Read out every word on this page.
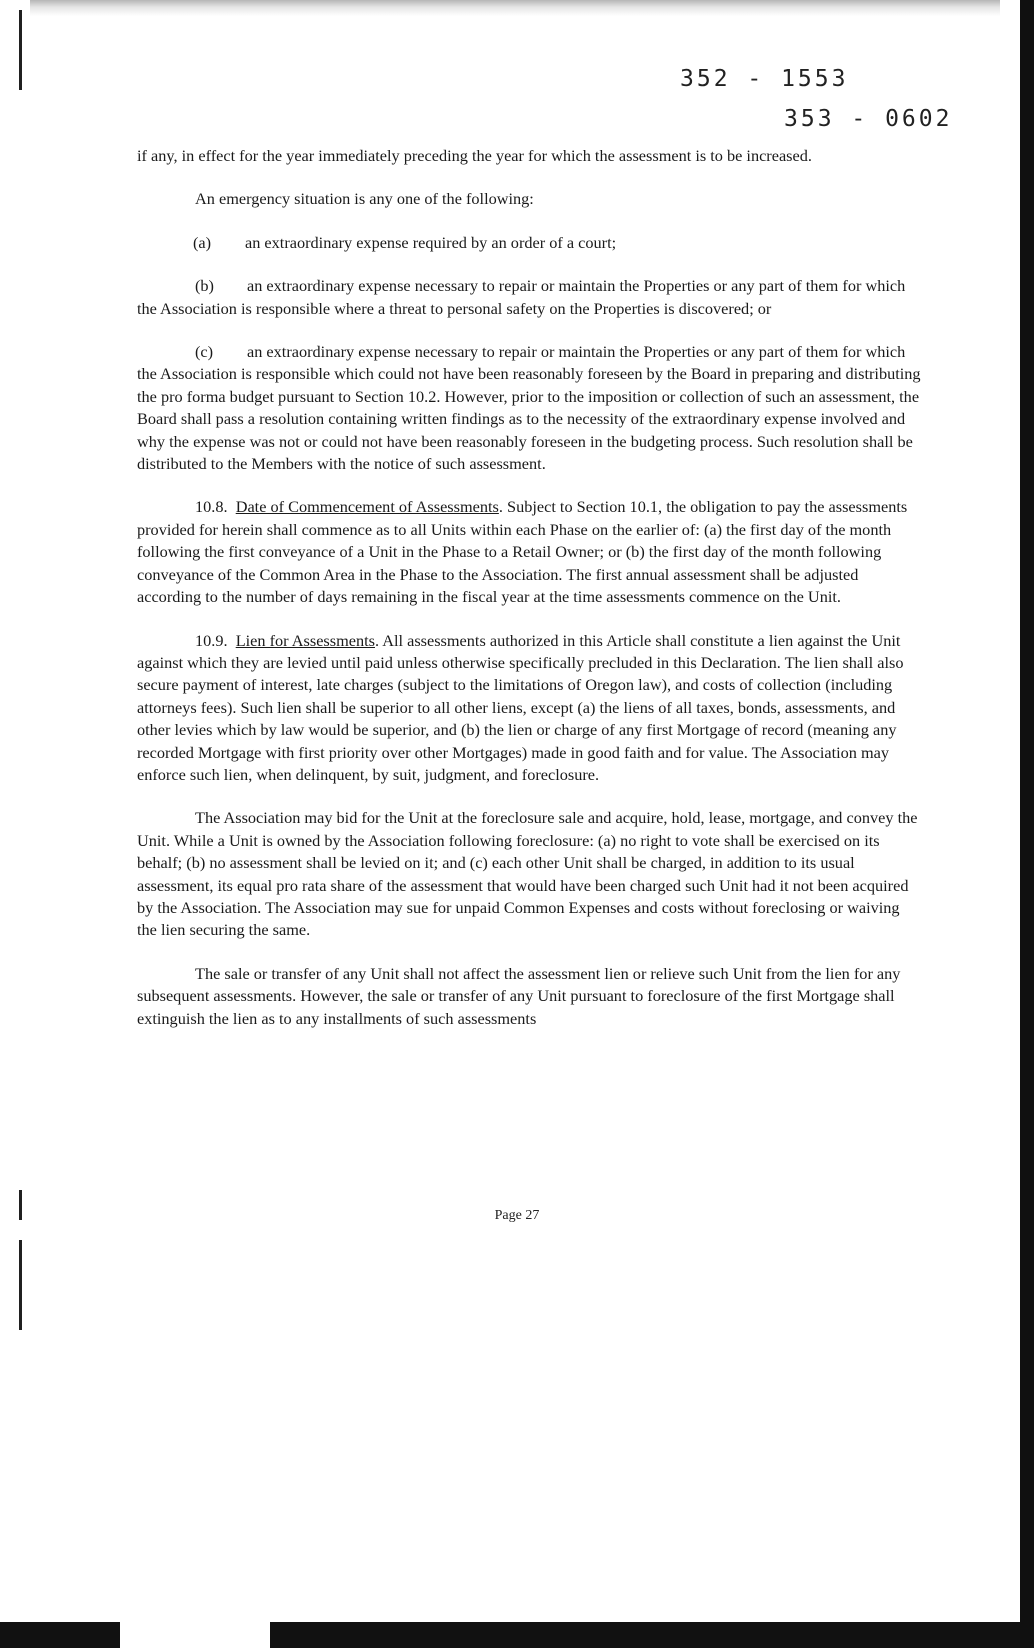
352 - 1553
353 - 0602

if any, in effect for the year immediately preceding the year for which the assessment is to be increased.

An emergency situation is any one of the following:

(a) an extraordinary expense required by an order of a court;

(b) an extraordinary expense necessary to repair or maintain the Properties or any part of them for which the Association is responsible where a threat to personal safety on the Properties is discovered; or

(c) an extraordinary expense necessary to repair or maintain the Properties or any part of them for which the Association is responsible which could not have been reasonably foreseen by the Board in preparing and distributing the pro forma budget pursuant to Section 10.2. However, prior to the imposition or collection of such an assessment, the Board shall pass a resolution containing written findings as to the necessity of the extraordinary expense involved and why the expense was not or could not have been reasonably foreseen in the budgeting process. Such resolution shall be distributed to the Members with the notice of such assessment.

10.8. Date of Commencement of Assessments. Subject to Section 10.1, the obligation to pay the assessments provided for herein shall commence as to all Units within each Phase on the earlier of: (a) the first day of the month following the first conveyance of a Unit in the Phase to a Retail Owner; or (b) the first day of the month following conveyance of the Common Area in the Phase to the Association. The first annual assessment shall be adjusted according to the number of days remaining in the fiscal year at the time assessments commence on the Unit.

10.9. Lien for Assessments. All assessments authorized in this Article shall constitute a lien against the Unit against which they are levied until paid unless otherwise specifically precluded in this Declaration. The lien shall also secure payment of interest, late charges (subject to the limitations of Oregon law), and costs of collection (including attorneys fees). Such lien shall be superior to all other liens, except (a) the liens of all taxes, bonds, assessments, and other levies which by law would be superior, and (b) the lien or charge of any first Mortgage of record (meaning any recorded Mortgage with first priority over other Mortgages) made in good faith and for value. The Association may enforce such lien, when delinquent, by suit, judgment, and foreclosure.

The Association may bid for the Unit at the foreclosure sale and acquire, hold, lease, mortgage, and convey the Unit. While a Unit is owned by the Association following foreclosure: (a) no right to vote shall be exercised on its behalf; (b) no assessment shall be levied on it; and (c) each other Unit shall be charged, in addition to its usual assessment, its equal pro rata share of the assessment that would have been charged such Unit had it not been acquired by the Association. The Association may sue for unpaid Common Expenses and costs without foreclosing or waiving the lien securing the same.

The sale or transfer of any Unit shall not affect the assessment lien or relieve such Unit from the lien for any subsequent assessments. However, the sale or transfer of any Unit pursuant to foreclosure of the first Mortgage shall extinguish the lien as to any installments of such assessments

Page 27
